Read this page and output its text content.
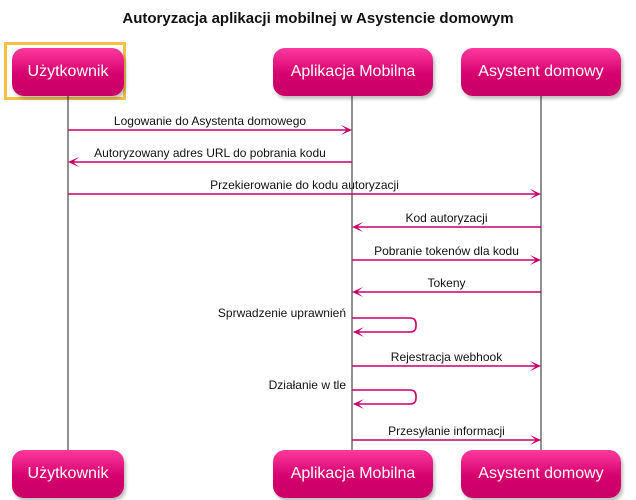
Autoryzacja aplikacji mobilnej w Asystencie domowym
Użytkownik	Aplikacja Mobilna	Asystent domowy
Użytkownik	Aplikacja Mobilna	Asystent domowy
Logowanie do Asystenta domowego
Autoryzowany adres URL do pobrania kodu
Przekierowanie do kodu autoryzacji
Kod autoryzacji
Pobranie tokenów dla kodu
Tokeny
Sprwadzenie uprawnień
Rejestracja webhook
Działanie w tle
Przesyłanie informacji
